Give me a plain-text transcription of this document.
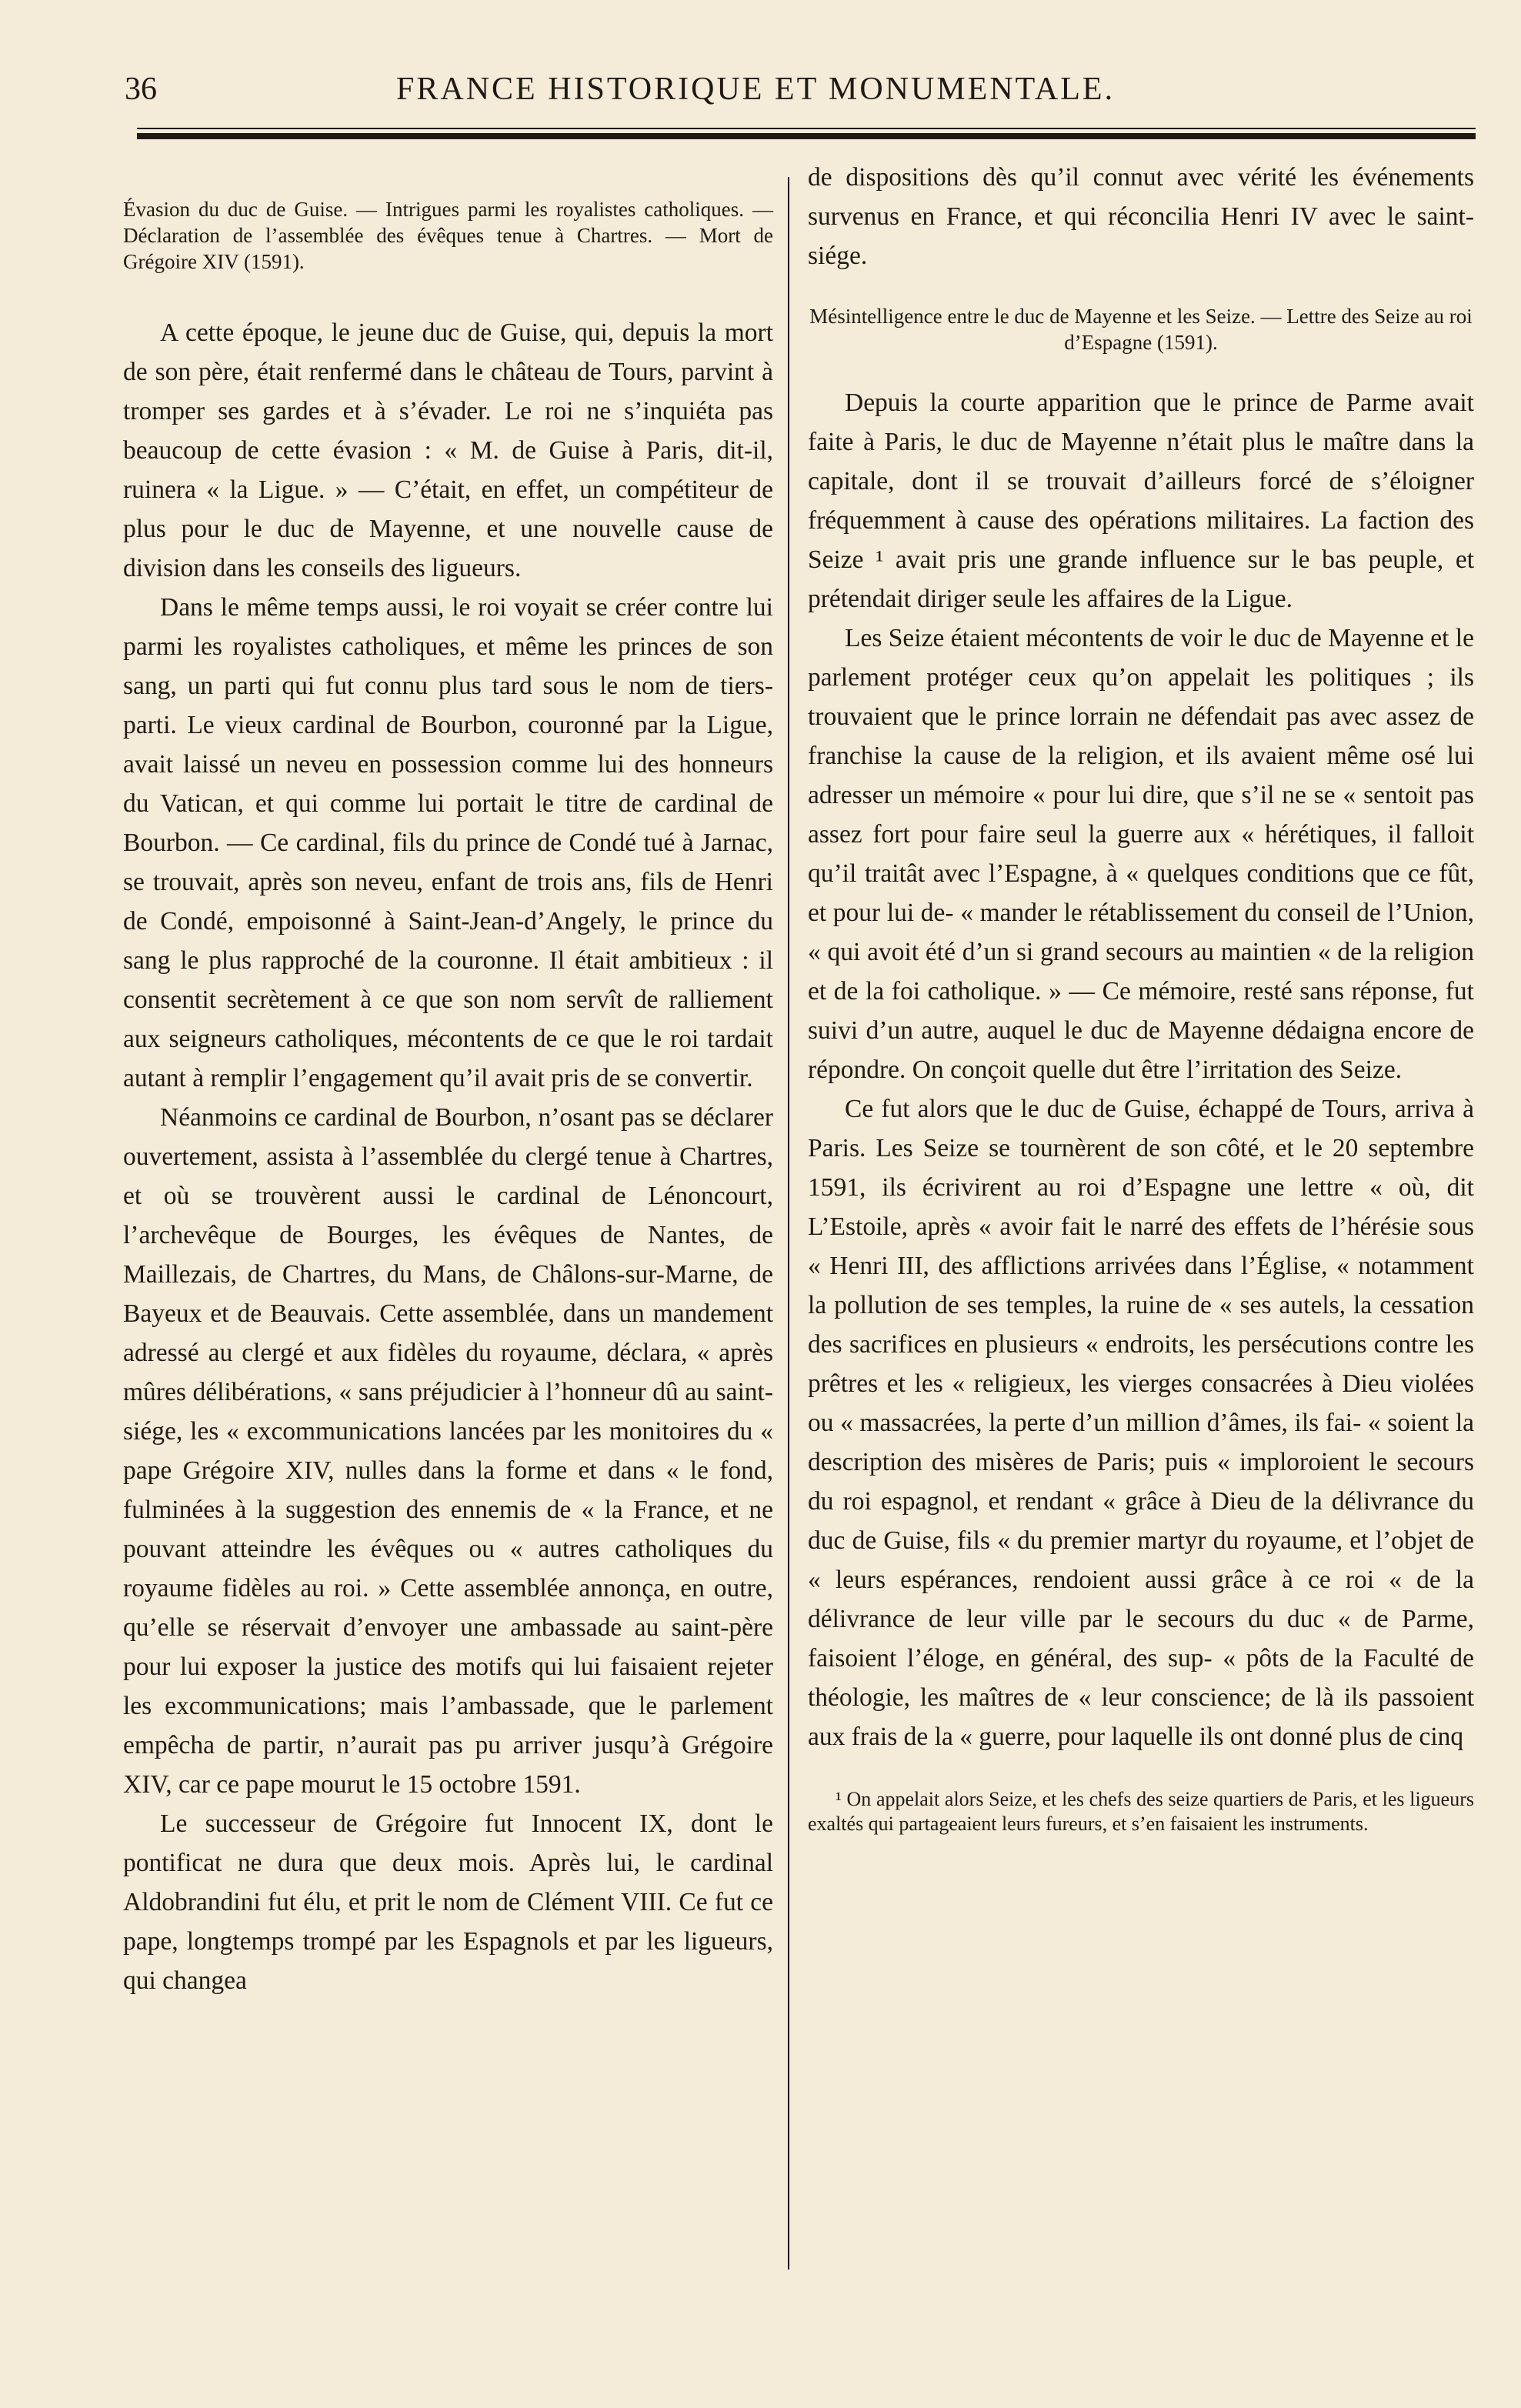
36	FRANCE HISTORIQUE ET MONUMENTALE.
Évasion du duc de Guise. — Intrigues parmi les royalistes catholiques. — Déclaration de l’assemblée des évêques tenue à Chartres. — Mort de Grégoire XIV (1591).

A cette époque, le jeune duc de Guise, qui, depuis la mort de son père, était renfermé dans le château de Tours, parvint à tromper ses gardes et à s’évader. Le roi ne s’inquiéta pas beaucoup de cette évasion : « M. de Guise à Paris, dit-il, ruinera « la Ligue. » — C’était, en effet, un compétiteur de plus pour le duc de Mayenne, et une nouvelle cause de division dans les conseils des ligueurs.

Dans le même temps aussi, le roi voyait se créer contre lui parmi les royalistes catholiques, et même les princes de son sang, un parti qui fut connu plus tard sous le nom de tiers-parti. Le vieux cardinal de Bourbon, couronné par la Ligue, avait laissé un neveu en possession comme lui des honneurs du Vatican, et qui comme lui portait le titre de cardinal de Bourbon. — Ce cardinal, fils du prince de Condé tué à Jarnac, se trouvait, après son neveu, enfant de trois ans, fils de Henri de Condé, empoisonné à Saint-Jean-d’Angely, le prince du sang le plus rapproché de la couronne. Il était ambitieux : il consentit secrètement à ce que son nom servît de ralliement aux seigneurs catholiques, mécontents de ce que le roi tardait autant à remplir l’engagement qu’il avait pris de se convertir.

Néanmoins ce cardinal de Bourbon, n’osant pas se déclarer ouvertement, assista à l’assemblée du clergé tenue à Chartres, et où se trouvèrent aussi le cardinal de Lénoncourt, l’archevêque de Bourges, les évêques de Nantes, de Maillezais, de Chartres, du Mans, de Châlons-sur-Marne, de Bayeux et de Beauvais. Cette assemblée, dans un mandement adressé au clergé et aux fidèles du royaume, déclara, « après mûres délibérations, « sans préjudicier à l’honneur dû au saint-siége, les « excommunications lancées par les monitoires du « pape Grégoire XIV, nulles dans la forme et dans « le fond, fulminées à la suggestion des ennemis de « la France, et ne pouvant atteindre les évêques ou « autres catholiques du royaume fidèles au roi. » Cette assemblée annonça, en outre, qu’elle se réservait d’envoyer une ambassade au saint-père pour lui exposer la justice des motifs qui lui faisaient rejeter les excommunications; mais l’ambassade, que le parlement empêcha de partir, n’aurait pas pu arriver jusqu’à Grégoire XIV, car ce pape mourut le 15 octobre 1591.

Le successeur de Grégoire fut Innocent IX, dont le pontificat ne dura que deux mois. Après lui, le cardinal Aldobrandini fut élu, et prit le nom de Clément VIII. Ce fut ce pape, longtemps trompé par les Espagnols et par les ligueurs, qui changea

de dispositions dès qu’il connut avec vérité les événements survenus en France, et qui réconcilia Henri IV avec le saint-siége.

Mésintelligence entre le duc de Mayenne et les Seize. — Lettre des Seize au roi d’Espagne (1591).

Depuis la courte apparition que le prince de Parme avait faite à Paris, le duc de Mayenne n’était plus le maître dans la capitale, dont il se trouvait d’ailleurs forcé de s’éloigner fréquemment à cause des opérations militaires. La faction des Seize ¹ avait pris une grande influence sur le bas peuple, et prétendait diriger seule les affaires de la Ligue.

Les Seize étaient mécontents de voir le duc de Mayenne et le parlement protéger ceux qu’on appelait les politiques ; ils trouvaient que le prince lorrain ne défendait pas avec assez de franchise la cause de la religion, et ils avaient même osé lui adresser un mémoire « pour lui dire, que s’il ne se « sentoit pas assez fort pour faire seul la guerre aux « hérétiques, il falloit qu’il traitât avec l’Espagne, à « quelques conditions que ce fût, et pour lui de- « mander le rétablissement du conseil de l’Union, « qui avoit été d’un si grand secours au maintien « de la religion et de la foi catholique. » — Ce mémoire, resté sans réponse, fut suivi d’un autre, auquel le duc de Mayenne dédaigna encore de répondre. On conçoit quelle dut être l’irritation des Seize.

Ce fut alors que le duc de Guise, échappé de Tours, arriva à Paris. Les Seize se tournèrent de son côté, et le 20 septembre 1591, ils écrivirent au roi d’Espagne une lettre « où, dit L’Estoile, après « avoir fait le narré des effets de l’hérésie sous « Henri III, des afflictions arrivées dans l’Église, « notamment la pollution de ses temples, la ruine de « ses autels, la cessation des sacrifices en plusieurs « endroits, les persécutions contre les prêtres et les « religieux, les vierges consacrées à Dieu violées ou « massacrées, la perte d’un million d’âmes, ils fai- « soient la description des misères de Paris; puis « imploroient le secours du roi espagnol, et rendant « grâce à Dieu de la délivrance du duc de Guise, fils « du premier martyr du royaume, et l’objet de « leurs espérances, rendoient aussi grâce à ce roi « de la délivrance de leur ville par le secours du duc « de Parme, faisoient l’éloge, en général, des sup- « pôts de la Faculté de théologie, les maîtres de « leur conscience; de là ils passoient aux frais de la « guerre, pour laquelle ils ont donné plus de cinq

¹ On appelait alors Seize, et les chefs des seize quartiers de Paris, et les ligueurs exaltés qui partageaient leurs fureurs, et s’en faisaient les instruments.
